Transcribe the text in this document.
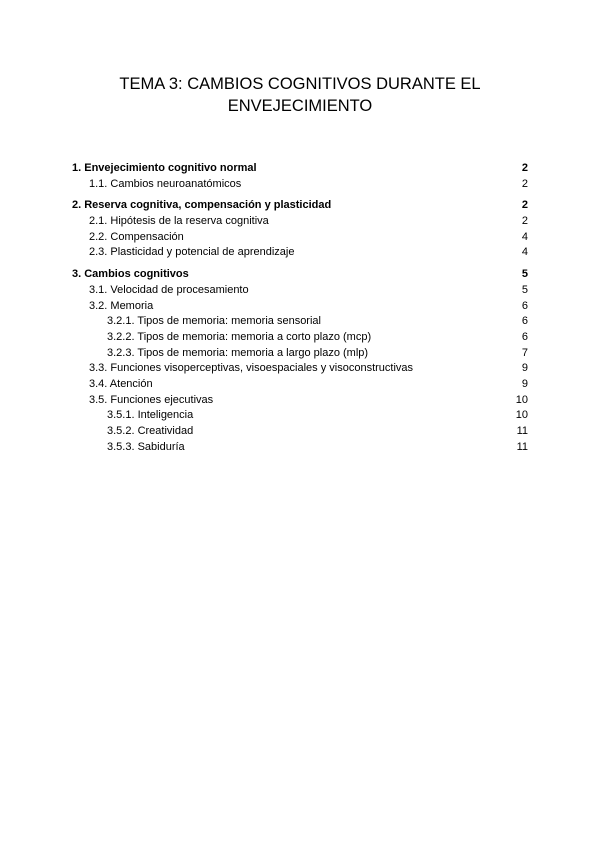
TEMA 3: CAMBIOS COGNITIVOS DURANTE EL
ENVEJECIMIENTO
1. Envejecimiento cognitivo normal	2
1.1. Cambios neuroanatómicos	2
2. Reserva cognitiva, compensación y plasticidad	2
2.1. Hipótesis de la reserva cognitiva	2
2.2. Compensación	4
2.3. Plasticidad y potencial de aprendizaje	4
3. Cambios cognitivos	5
3.1. Velocidad de procesamiento	5
3.2. Memoria	6
3.2.1. Tipos de memoria: memoria sensorial	6
3.2.2. Tipos de memoria: memoria a corto plazo (mcp)	6
3.2.3. Tipos de memoria: memoria a largo plazo (mlp)	7
3.3. Funciones visoperceptivas, visoespaciales y visoconstructivas	9
3.4. Atención	9
3.5. Funciones ejecutivas	10
3.5.1. Inteligencia	10
3.5.2. Creatividad	11
3.5.3. Sabiduría	11
